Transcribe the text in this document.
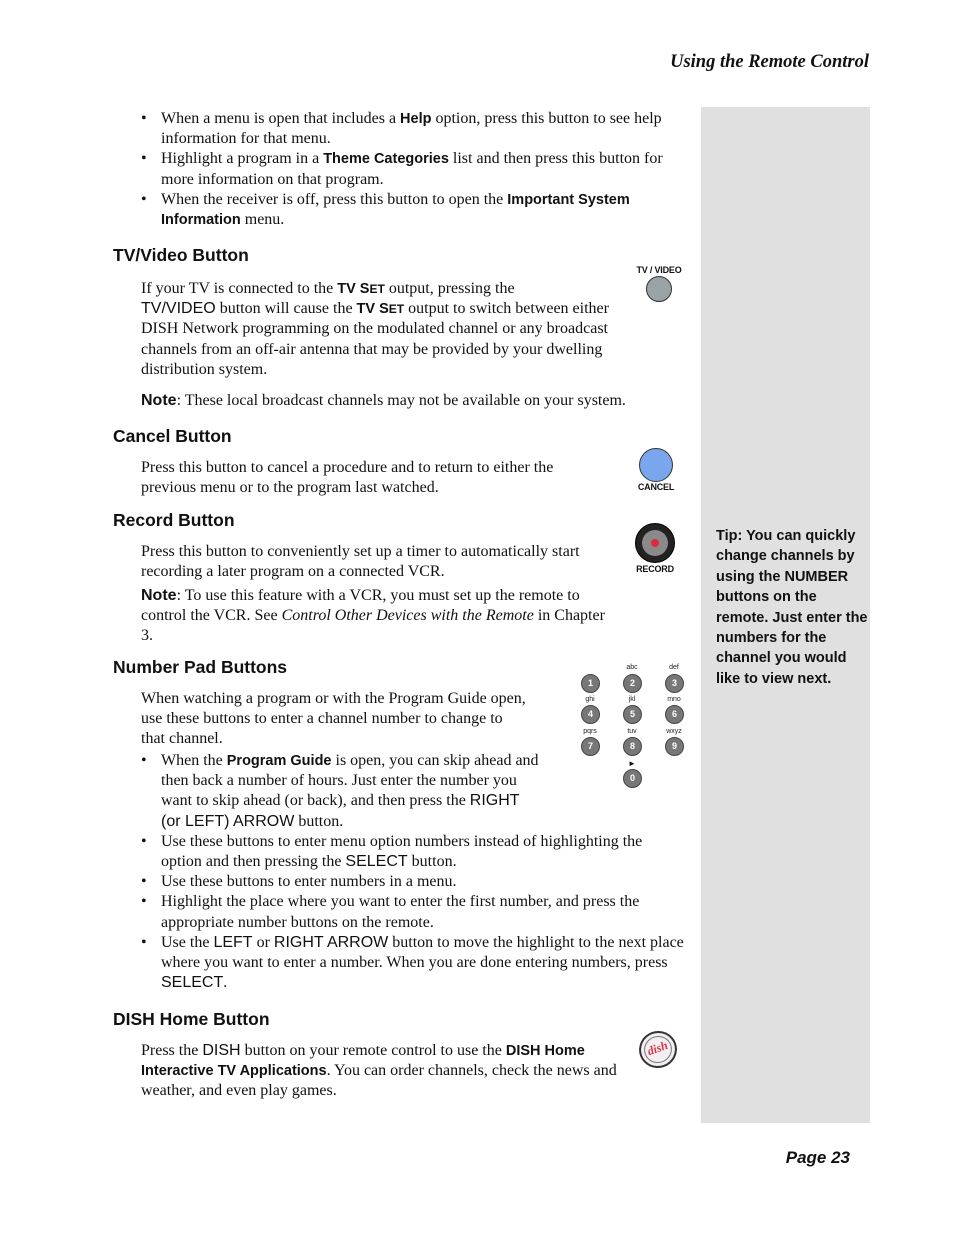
Using the Remote Control
Tip: You can quickly change channels by using the NUMBER buttons on the remote. Just enter the numbers for the channel you would like to view next.
• When a menu is open that includes a Help option, press this button to see help information for that menu.
• Highlight a program in a Theme Categories list and then press this button for more information on that program.
• When the receiver is off, press this button to open the Important System Information menu.
TV/Video Button
TV / VIDEO

If your TV is connected to the TV SET output, pressing the
TV/VIDEO button will cause the TV SET output to switch between either DISH Network programming on the modulated channel or any broadcast channels from an off-air antenna that may be provided by your dwelling distribution system.

Note: These local broadcast channels may not be available on your system.

Cancel Button
CANCEL

Press this button to cancel a procedure and to return to either the previous menu or to the program last watched.

Record Button
RECORD

Press this button to conveniently set up a timer to automatically start recording a later program on a connected VCR.

Note: To use this feature with a VCR, you must set up the remote to control the VCR. See Control Other Devices with the Remote in Chapter 3.

Number Pad Buttons

When watching a program or with the Program Guide open, use these buttons to enter a channel number to change to that channel.

abc	def
1	2	3
ghi	jkl	mno
4	5	6
pqrs	tuv	wxyz
7	8	9
►
0
• When the Program Guide is open, you can skip ahead and then back a number of hours. Just enter the number you want to skip ahead (or back), and then press the RIGHT (or LEFT) ARROW button.
• Use these buttons to enter menu option numbers instead of highlighting the option and then pressing the SELECT button.
• Use these buttons to enter numbers in a menu.
• Highlight the place where you want to enter the first number, and press the appropriate number buttons on the remote.
• Use the LEFT or RIGHT ARROW button to move the highlight to the next place where you want to enter a number. When you are done entering numbers, press SELECT.
DISH Home Button
dish

Press the DISH button on your remote control to use the DISH Home Interactive TV Applications. You can order channels, check the news and weather, and even play games.

Page 23
